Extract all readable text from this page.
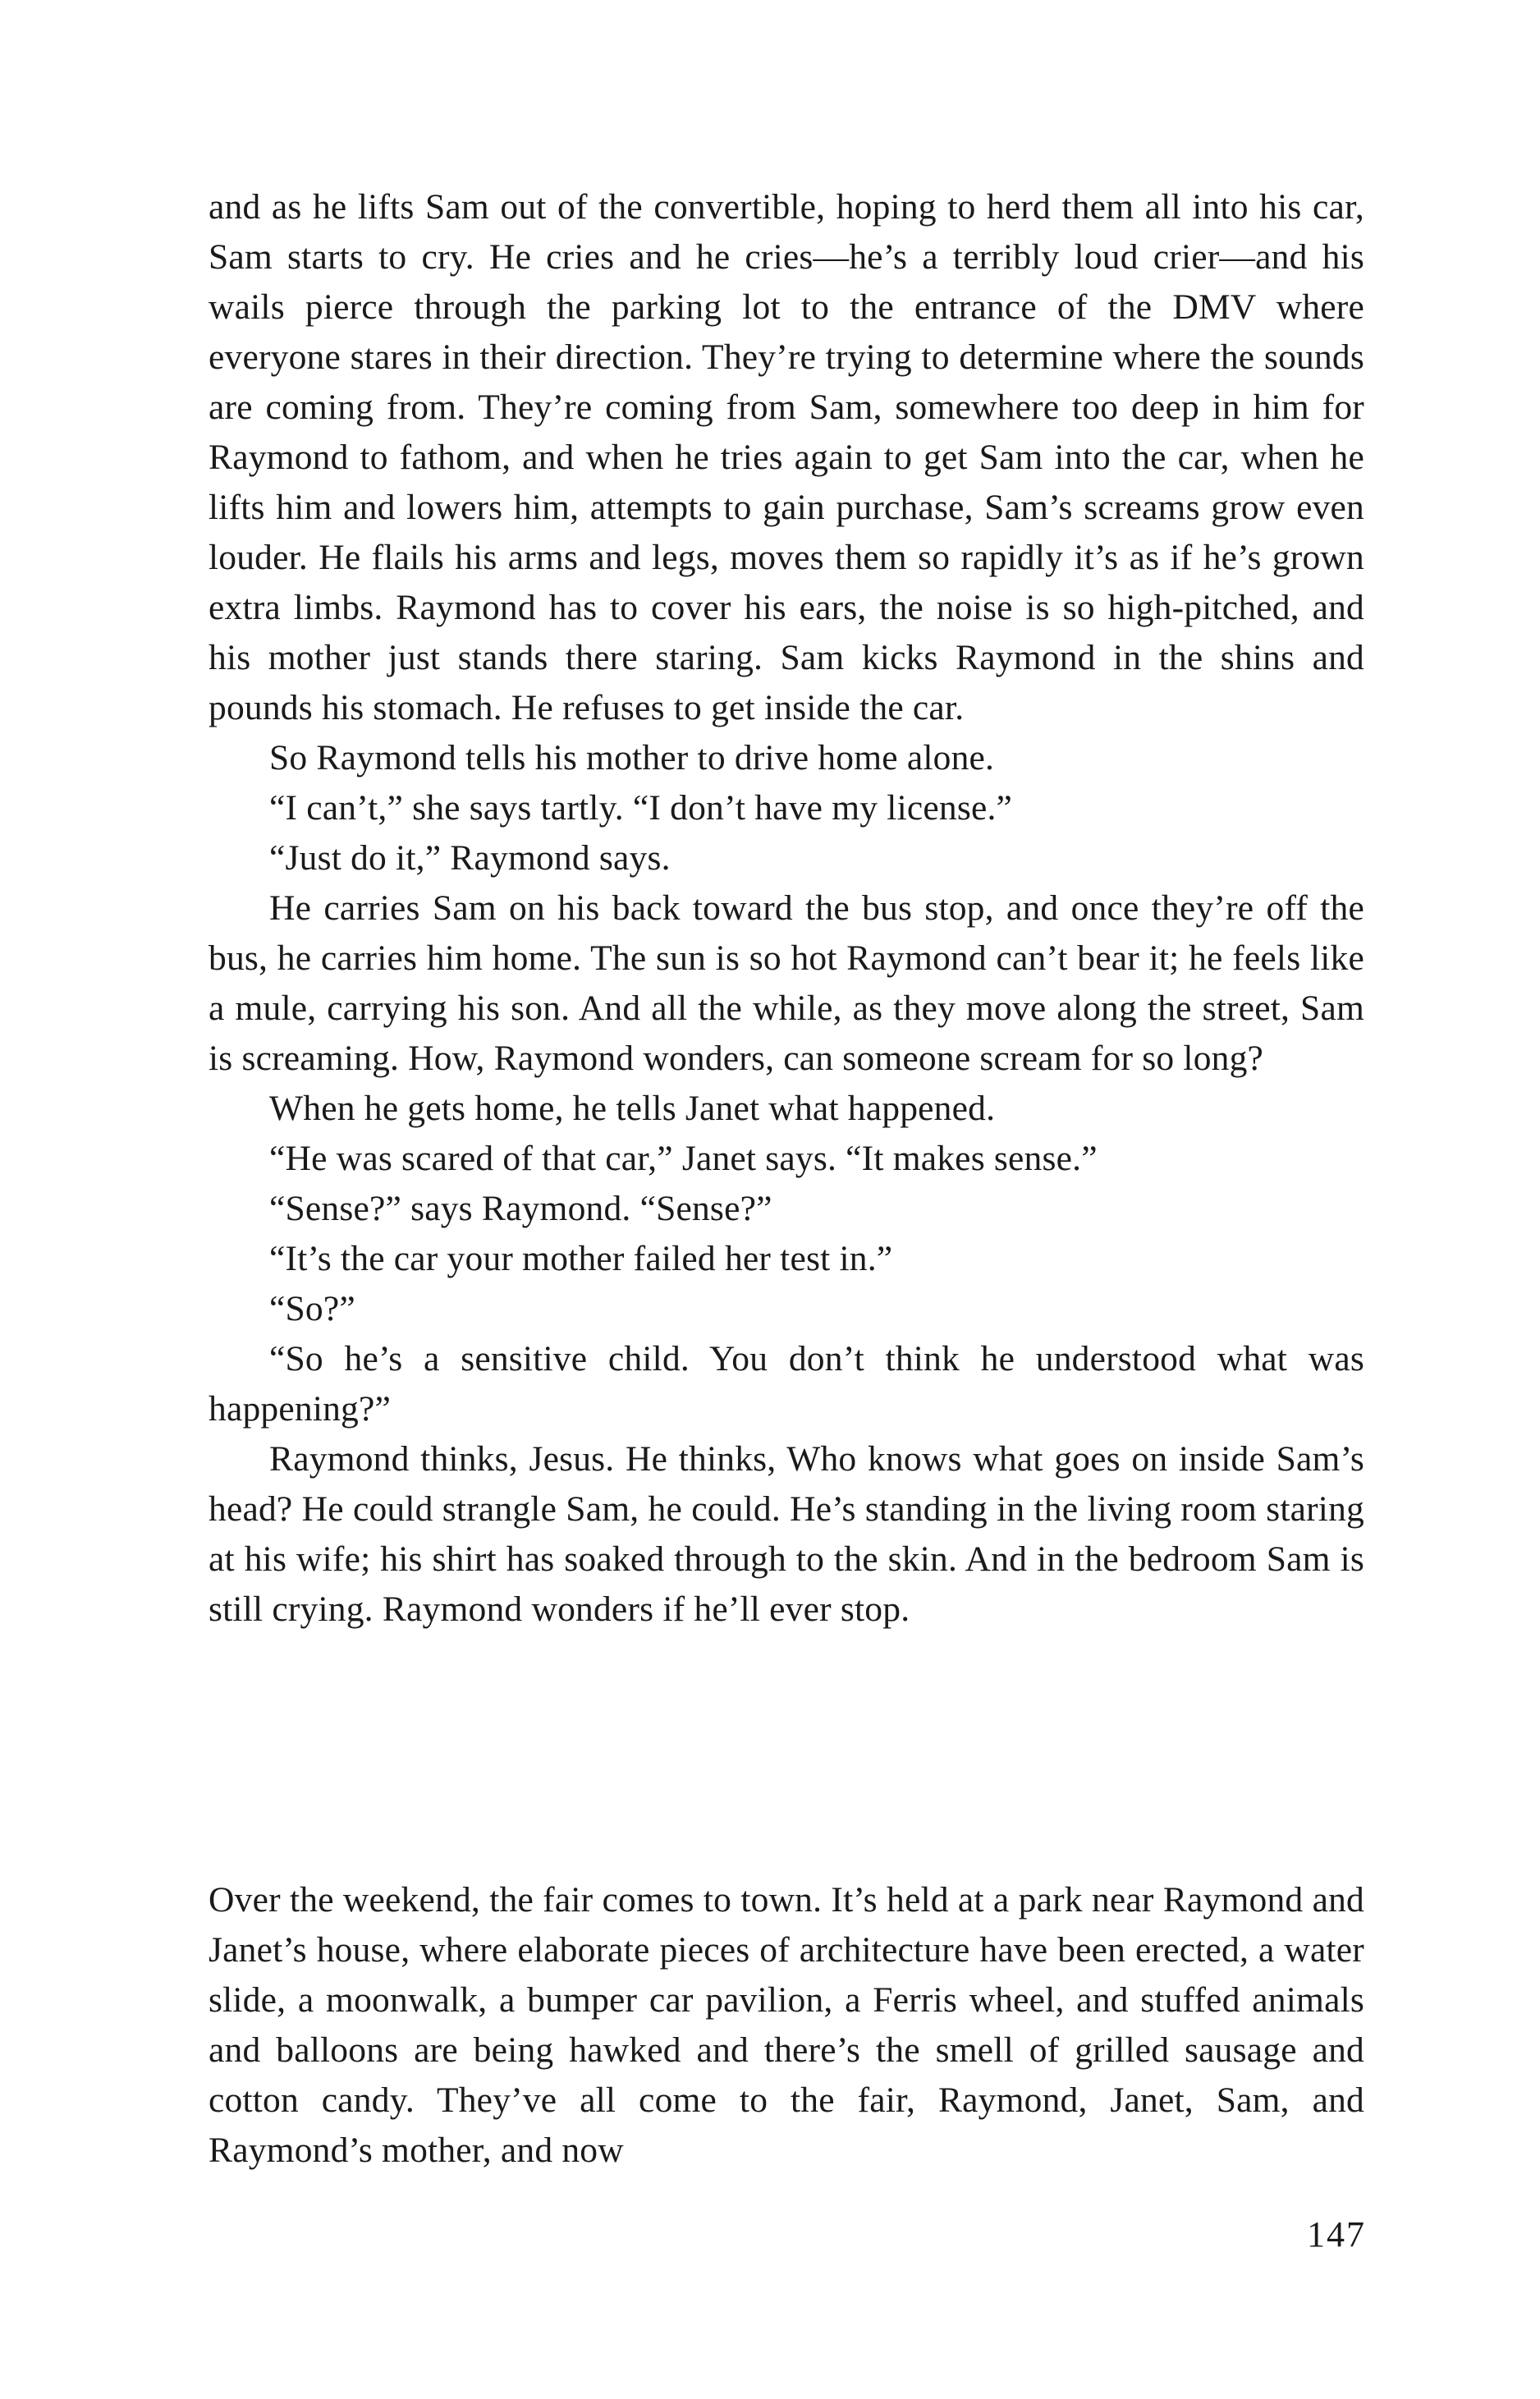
and as he lifts Sam out of the convertible, hoping to herd them all into his car, Sam starts to cry. He cries and he cries—he’s a terribly loud crier—and his wails pierce through the parking lot to the entrance of the DMV where everyone stares in their direction. They’re trying to determine where the sounds are coming from. They’re coming from Sam, somewhere too deep in him for Raymond to fathom, and when he tries again to get Sam into the car, when he lifts him and lowers him, attempts to gain purchase, Sam’s screams grow even louder. He flails his arms and legs, moves them so rapidly it’s as if he’s grown extra limbs. Raymond has to cover his ears, the noise is so high-pitched, and his mother just stands there staring. Sam kicks Raymond in the shins and pounds his stomach. He refuses to get inside the car.

So Raymond tells his mother to drive home alone.

“I can’t,” she says tartly. “I don’t have my license.”

“Just do it,” Raymond says.

He carries Sam on his back toward the bus stop, and once they’re off the bus, he carries him home. The sun is so hot Raymond can’t bear it; he feels like a mule, carrying his son. And all the while, as they move along the street, Sam is screaming. How, Raymond wonders, can someone scream for so long?

When he gets home, he tells Janet what happened.

“He was scared of that car,” Janet says. “It makes sense.”

“Sense?” says Raymond. “Sense?”

“It’s the car your mother failed her test in.”

“So?”

“So he’s a sensitive child. You don’t think he understood what was happening?”

Raymond thinks, Jesus. He thinks, Who knows what goes on inside Sam’s head? He could strangle Sam, he could. He’s standing in the living room staring at his wife; his shirt has soaked through to the skin. And in the bedroom Sam is still crying. Raymond wonders if he’ll ever stop.

Over the weekend, the fair comes to town. It’s held at a park near Raymond and Janet’s house, where elaborate pieces of architecture have been erected, a water slide, a moonwalk, a bumper car pavilion, a Ferris wheel, and stuffed animals and balloons are being hawked and there’s the smell of grilled sausage and cotton candy. They’ve all come to the fair, Raymond, Janet, Sam, and Raymond’s mother, and now

147
